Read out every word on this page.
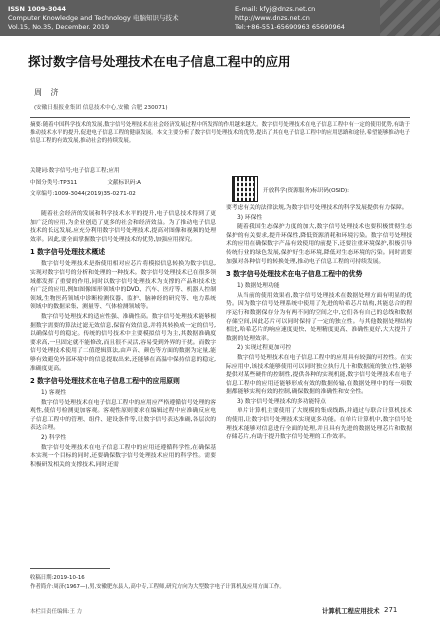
ISSN 1009-3044
Computer Knowledge and Technology 电脑知识与技术
Vol.15, No.35, December. 2019
E-mail: kfyj@dnzs.net.cn
http://www.dnzs.net.cn
Tel:+86-551-65690963 65690964
探讨数字信号处理技术在电子信息工程中的应用
周 济
(安徽日报报业集团 信息技术中心,安徽 合肥 230071)
摘要:随着中国科学技术的发展,数字信号处理技术在社会经济发展过程中所发挥的作用越来越大。数字信号处理技术在电子信息工程中有一定的使用优势,有助于推动技术水平的提升,促进电子信息工程的健康发展。本文主要分析了数字信号处理技术的优势,提出了其在电子信息工程中的应用思路和途径,希望能够推动电子信息工程的有效发展,推动社会的持续发展。
关键词:数字信号;电子信息工程;应用
中图分类号:TP311	文献标识码:A
文章编号:1009-3044(2019)35-0271-02	开放科学(资源服务)标识码(OSID):

随着社会经济的发展和科学技术水平的提升,电子信息技术得到了更加广泛的应用,为企业创造了更多的社会和经济效益。为了推动电子信息技术的长远发展,应充分利用数字信号处理技术,提高对图像和视频的处理效率。因此,要全面掌握数字信号处理技术的优势,加强应用探究。

1 数字信号处理技术概述

数字信号处理技术是指使用相对应芯片将模拟信息转换为数字信息,实现对数字信号的分析和处理的一种技术。数字信号处理技术已在很多领域都发挥了重要的作用,同时以数字信号处理技术为支撑的产品和技术也有广泛的应用,例如图像图形领域中的DVD、汽车、医疗等、机器人控制领域,生物医药领域中诊断检测仪器、监护、脑神经的研究等、电力系统领域中的数据采集、测量等、气体检测领域等。

数字信号处理技术的适应性强、准确性高。数字信号处理技术能够根据数字需要的算法过滤无效信息,保留有效信息,并将其转换成一定的信号,以确保信号的稳定。传统的信号技术中主要模拟信号为主,其数据准确度要求高,一旦固定就不能修改,而且很不灵活,容易受到外界的干扰。而数字信号处理技术使用了二值逻辑算法,由声音、颜色等方面的数据为定量,能够有效避免外部环境中的信息提取出来,还能够在高温中保持信息的稳定,准确度更高。

2 数字信号处理技术在电子信息工程中的应用原则
1) 客观性

数字信号处理技术在电子信息工程中的应用应严格遵循信号处理的客观性,使信号检测更加客观。客观性原则要求在编辑过程中应准确反应电子信息工程中的管理、组件、建设条件等,让数字信号表达准确,各层次的表达合理。

2) 科学性

数字信号处理技术在电子信息工程中的应用还遵循科学性,在确保基本实现一个目标的同时,还要确保数字信号处理技术应用的科学性。需要积极研发相关的支撑技术,同时还需

要考虑有关的法律法规,为数字信号处理技术的科学发展提供有力保障。

3) 环保性

随着我国生态保护力度的加大,数字信号处理技术也要积极贯彻生态保护的有关要求,提升环保性,降低资源消耗和环境污染。数字信号处理技术的应用在确保数字产品有效使用的前提下,还要注重环境保护,积极引导传统行业的绿色发展,保护好生态环境,降低对生态环境的污染。同时需要加强对各种信号的转换处理,推动电子信息工程的可持续发展。

3 数字信号处理技术在电子信息工程中的优势
1) 数据处理功能

从当前的使用效果看,数字信号处理技术在数据处理方面有明显的优势。因为数字信号处理系统中使用了先进的哈希芯片结构,其能总合的程序运行和数据保存分为有两不同的空间之中,它们各有自己的总线和数据存储空间,因此芯片可以同时保持了一定的独立性。与其他数据处理结构相比,哈希芯片的响应速度更快、处理精度更高、准确性更好,大大提升了数据的处理效率。

2) 实现过程更加可控

数字信号处理技术在电子信息工程中的应用具有较强的可控性。在实际应用中,该技术能够使用可以同时独立执行几十和数据流的独立性,能够提供对某些硬件的控制性,提供各种的实现机能,数字信号处理技术在电子信息工程中的应用还能够形成有效的数据传输,在数据处理中的每一项数据都能够实现有效的控制,确保数据的准确性和安全性。

3) 数字信号处理技术的多功能特点

单片计算机主要使用了大规模的集成线路,并通过与联合计算机技术的使用,让数字信号处理技术实现更多功能。在单片计算机中,数字信号处理技术能够对信息进行全面的处理,并且具有先进的数据处理芯片和数据存储芯片,有助于提升数字信号处理的工作效率。

收稿日期:2019-10-16
作者简介:周济(1967—),男,安徽肥东县人,高中专,工程师,研究方向为大型数字电子计算机及应用方面工作。
本栏目责任编辑:王 力	计算机工程应用技术 271
